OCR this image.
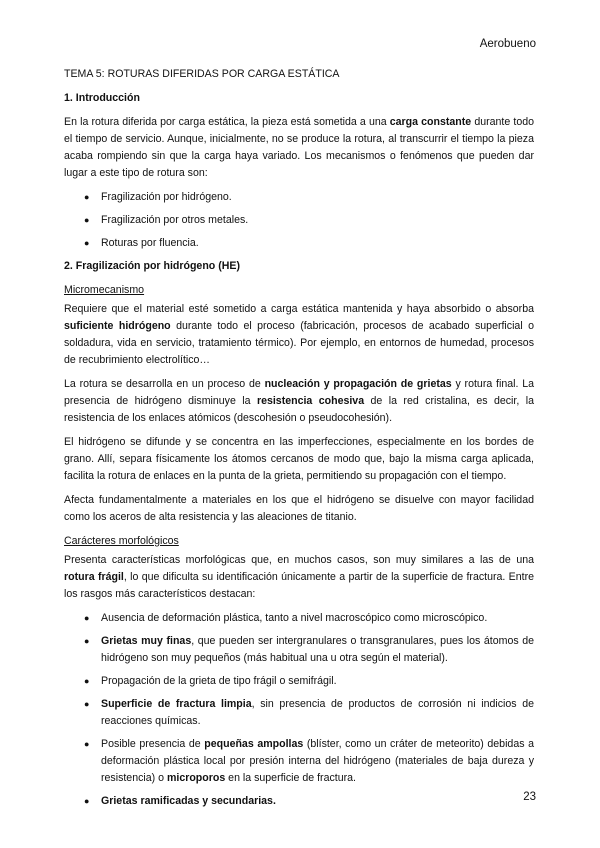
Aerobueno
TEMA 5: ROTURAS DIFERIDAS POR CARGA ESTÁTICA
1. Introducción

En la rotura diferida por carga estática, la pieza está sometida a una carga constante durante todo el tiempo de servicio. Aunque, inicialmente, no se produce la rotura, al transcurrir el tiempo la pieza acaba rompiendo sin que la carga haya variado. Los mecanismos o fenómenos que pueden dar lugar a este tipo de rotura son:

● Fragilización por hidrógeno.
● Fragilización por otros metales.
● Roturas por fluencia.
2. Fragilización por hidrógeno (HE)
Micromecanismo

Requiere que el material esté sometido a carga estática mantenida y haya absorbido o absorba suficiente hidrógeno durante todo el proceso (fabricación, procesos de acabado superficial o soldadura, vida en servicio, tratamiento térmico). Por ejemplo, en entornos de humedad, procesos de recubrimiento electrolítico…

La rotura se desarrolla en un proceso de nucleación y propagación de grietas y rotura final. La presencia de hidrógeno disminuye la resistencia cohesiva de la red cristalina, es decir, la resistencia de los enlaces atómicos (descohesión o pseudocohesión).

El hidrógeno se difunde y se concentra en las imperfecciones, especialmente en los bordes de grano. Allí, separa físicamente los átomos cercanos de modo que, bajo la misma carga aplicada, facilita la rotura de enlaces en la punta de la grieta, permitiendo su propagación con el tiempo.

Afecta fundamentalmente a materiales en los que el hidrógeno se disuelve con mayor facilidad como los aceros de alta resistencia y las aleaciones de titanio.

Carácteres morfológicos

Presenta características morfológicas que, en muchos casos, son muy similares a las de una rotura frágil, lo que dificulta su identificación únicamente a partir de la superficie de fractura. Entre los rasgos más característicos destacan:

● Ausencia de deformación plástica, tanto a nivel macroscópico como microscópico.
● Grietas muy finas, que pueden ser intergranulares o transgranulares, pues los átomos de hidrógeno son muy pequeños (más habitual una u otra según el material).
● Propagación de la grieta de tipo frágil o semifrágil.
● Superficie de fractura limpia, sin presencia de productos de corrosión ni indicios de reacciones químicas.
● Posible presencia de pequeñas ampollas (blíster, como un cráter de meteorito) debidas a deformación plástica local por presión interna del hidrógeno (materiales de baja dureza y resistencia) o microporos en la superficie de fractura.
● Grietas ramificadas y secundarias.	23
